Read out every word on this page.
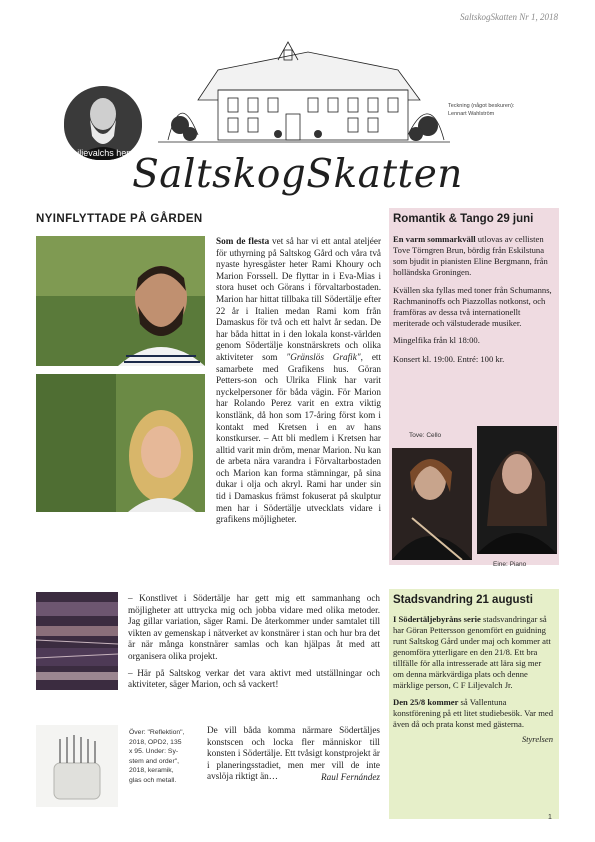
SaltskogSkatten Nr 1, 2018
Liljevalchs hem
Teckning (något beskuren):
Lennart Wahlström
SaltskogSkatten
NYINFLYTTADE PÅ GÅRDEN

Som de flesta vet så har vi ett antal ateljéer för uthyrning på Saltskog Gård och våra två nyaste hyresgäster heter Rami Khoury och Marion Forssell. De flyttar in i Eva-Mias i stora huset och Görans i förvaltarbostaden. Marion har hittat tillbaka till Södertälje efter 22 år i Italien medan Rami kom från Damaskus för två och ett halvt år sedan. De har båda hittat in i den lokala konst-världen genom Södertälje konstnärskrets och olika aktiviteter som "Gränslös Grafik", ett samarbete med Grafikens hus. Göran Petters-son och Ulrika Flink har varit nyckelpersoner för båda vägin. För Marion har Rolando Perez varit en extra viktig konstlänk, då hon som 17-åring först kom i kontakt med Kretsen i en av hans konstkurser. – Att bli medlem i Kretsen har alltid varit min dröm, menar Marion. Nu kan de arbeta nära varandra i Förvaltarbostaden och Marion kan forma stämningar, på sina dukar i olja och akryl. Rami har under sin tid i Damaskus främst fokuserat på skulptur men har i Södertälje utvecklats vidare i grafikens möjligheter.

– Konstlivet i Södertälje har gett mig ett sammanhang och möjligheter att uttrycka mig och jobba vidare med olika metoder. Jag gillar variation, säger Rami. De återkommer under samtalet till vikten av gemenskap i nätverket av konstnärer i stan och hur bra det är när många konstnärer samlas och kan hjälpas åt med att organisera olika projekt.

– Här på Saltskog verkar det vara aktivt med utställningar och aktiviteter, säger Marion, och så vackert!

Över: "Reflektion",
2018, OPD2, 135
x 95. Under: Sy-
stem and order",
2018, keramik,
glas och metall.

De vill båda komma närmare Södertäljes konstscen och locka fler människor till konsten i Södertälje. Ett tvåsigt konstprojekt är i planeringsstadiet, men mer vill de inte avslöja riktigt än…	Raul Fernández
Romantik & Tango 29 juni

En varm sommarkväll utlovas av cellisten Tove Törngren Brun, bördig från Eskilstuna som bjudit in pianisten Eline Bergmann, från holländska Groningen.

Kvällen ska fyllas med toner från Schumanns, Rachmaninoffs och Piazzollas notkonst, och framföras av dessa två internationellt meriterade och välstuderade musiker.

Mingelfika från kl 18:00.

Konsert kl. 19:00. Entré: 100 kr.

Tove: Cello
Eine: Piano
Stadsvandring 21 augusti

I Södertäljebyråns serie stadsvandringar så har Göran Pettersson genomfört en guidning runt Saltskog Gård under maj och kommer att genomföra ytterligare en den 21/8. Ett bra tillfälle för alla intresserade att lära sig mer om denna märkvärdiga plats och denne märklige person, C F Liljevalch Jr.

Den 25/8 kommer så Vallentuna konstförening på ett litet studiebesök. Var med även då och prata konst med gästerna.

Styrelsen
1
